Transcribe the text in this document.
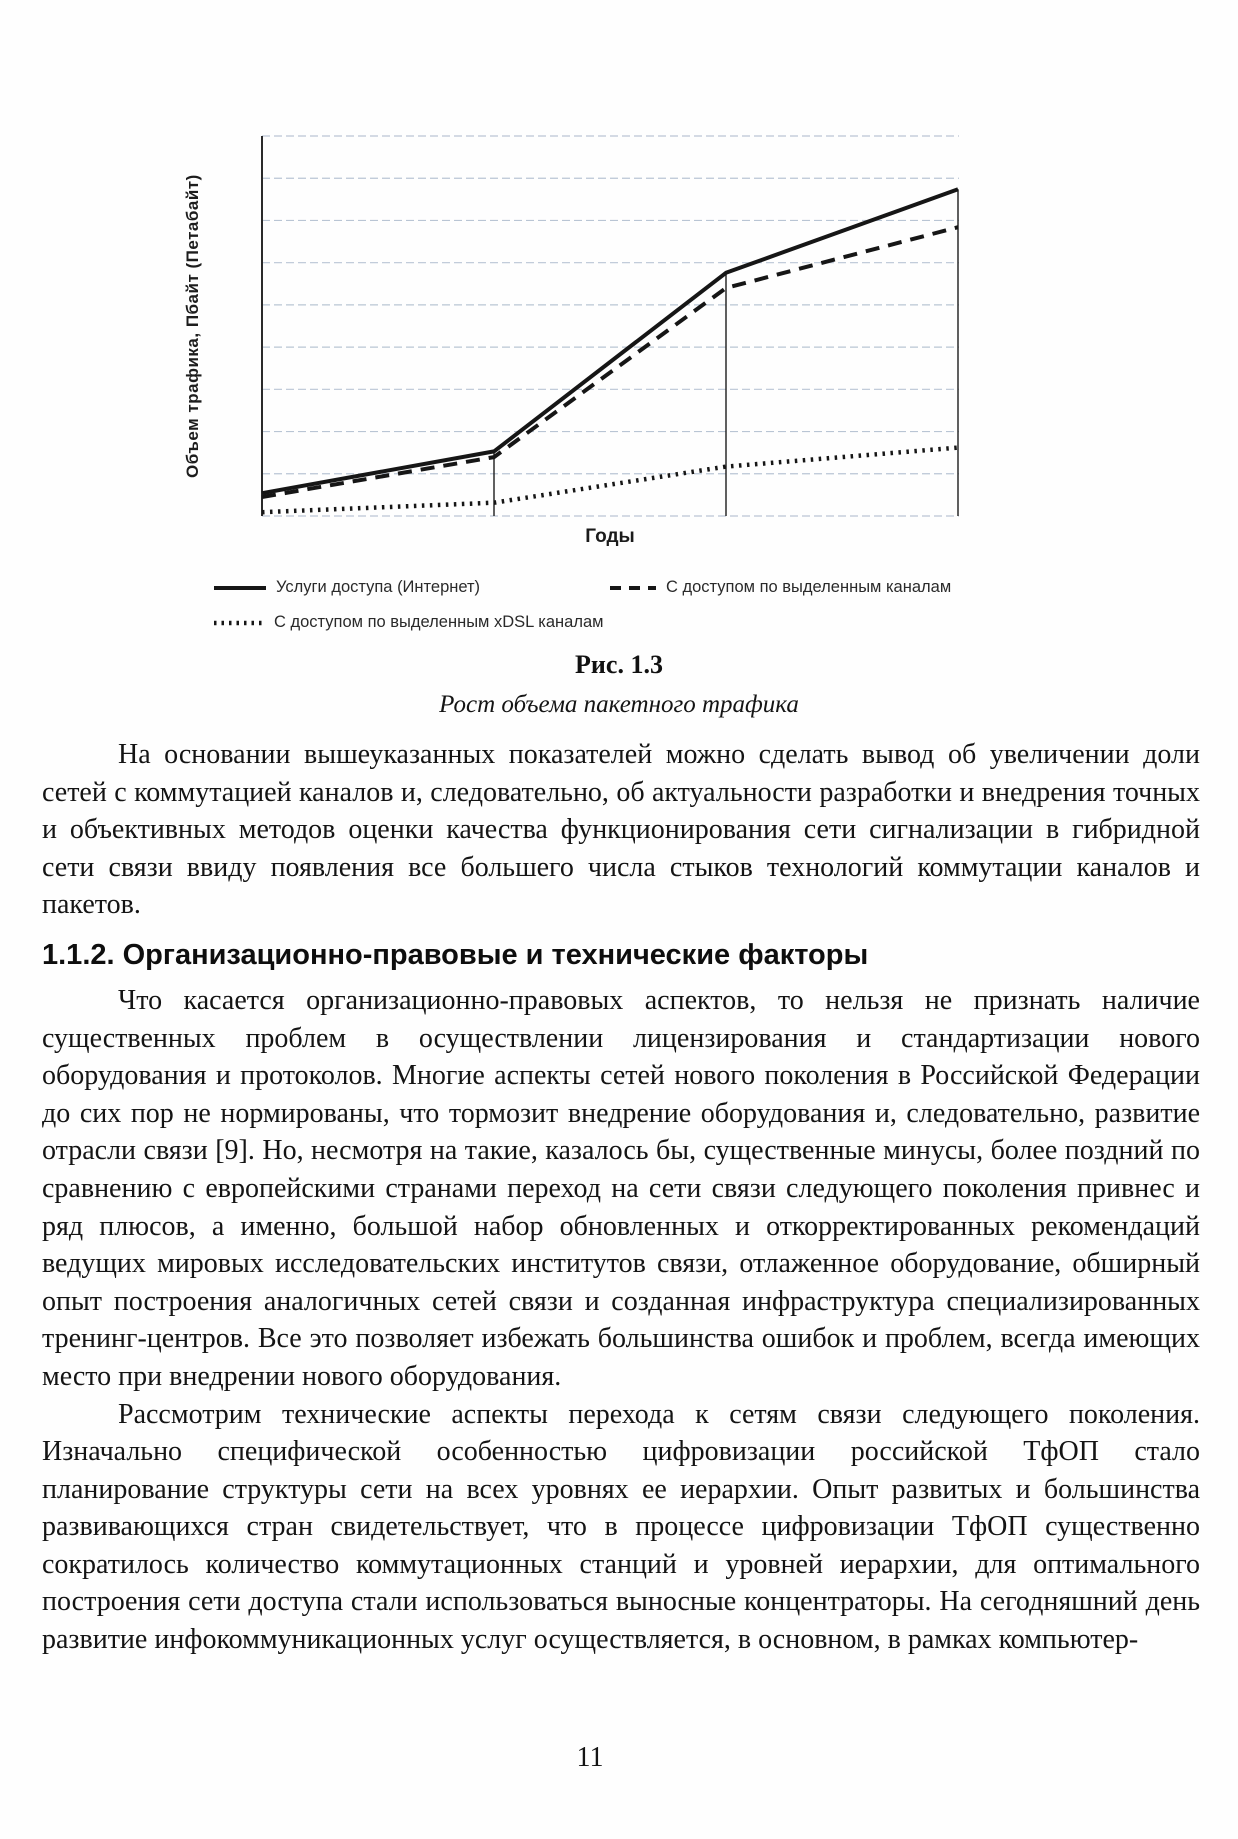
Объем трафика, Пбайт (Петабайт)
Годы
Услуги доступа (Интернет)	С доступом по выделенным каналам
С доступом по выделенным xDSL каналам
Рис. 1.3
Рост объема пакетного трафика

На основании вышеуказанных показателей можно сделать вывод об увеличении доли сетей с коммутацией каналов и, следовательно, об актуальности разработки и внедрения точных и объективных методов оценки качества функционирования сети сигнализации в гибридной сети связи ввиду появления все большего числа стыков технологий коммутации каналов и пакетов.

1.1.2. Организационно-правовые и технические факторы

Что касается организационно-правовых аспектов, то нельзя не признать наличие существенных проблем в осуществлении лицензирования и стандартизации нового оборудования и протоколов. Многие аспекты сетей нового поколения в Российской Федерации до сих пор не нормированы, что тормозит внедрение оборудования и, следовательно, развитие отрасли связи [9]. Но, несмотря на такие, казалось бы, существенные минусы, более поздний по сравнению с европейскими странами переход на сети связи следующего поколения привнес и ряд плюсов, а именно, большой набор обновленных и откорректированных рекомендаций ведущих мировых исследовательских институтов связи, отлаженное оборудование, обширный опыт построения аналогичных сетей связи и созданная инфраструктура специализированных тренинг-центров. Все это позволяет избежать большинства ошибок и проблем, всегда имеющих место при внедрении нового оборудования.

Рассмотрим технические аспекты перехода к сетям связи следующего поколения. Изначально специфической особенностью цифровизации российской ТфОП стало планирование структуры сети на всех уровнях ее иерархии. Опыт развитых и большинства развивающихся стран свидетельствует, что в процессе цифровизации ТфОП существенно сократилось количество коммутационных станций и уровней иерархии, для оптимального построения сети доступа стали использоваться выносные концентраторы. На сегодняшний день развитие инфокоммуникационных услуг осуществляется, в основном, в рамках компьютер-

11
